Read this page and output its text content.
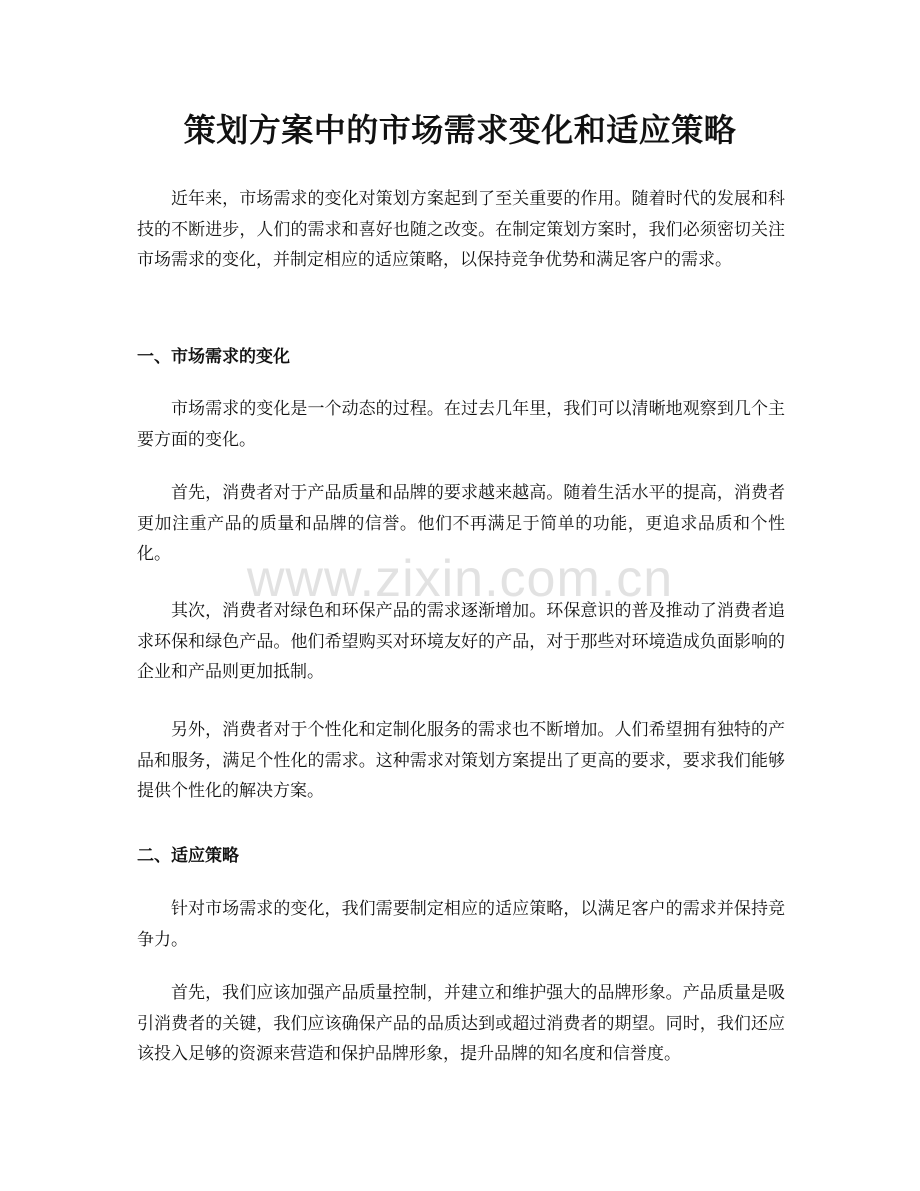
策划方案中的市场需求变化和适应策略

近年来，市场需求的变化对策划方案起到了至关重要的作用。随着时代的发展和科技的不断进步，人们的需求和喜好也随之改变。在制定策划方案时，我们必须密切关注市场需求的变化，并制定相应的适应策略，以保持竞争优势和满足客户的需求。

一、市场需求的变化

市场需求的变化是一个动态的过程。在过去几年里，我们可以清晰地观察到几个主要方面的变化。

首先，消费者对于产品质量和品牌的要求越来越高。随着生活水平的提高，消费者更加注重产品的质量和品牌的信誉。他们不再满足于简单的功能，更追求品质和个性化。

其次，消费者对绿色和环保产品的需求逐渐增加。环保意识的普及推动了消费者追求环保和绿色产品。他们希望购买对环境友好的产品，对于那些对环境造成负面影响的企业和产品则更加抵制。

另外，消费者对于个性化和定制化服务的需求也不断增加。人们希望拥有独特的产品和服务，满足个性化的需求。这种需求对策划方案提出了更高的要求，要求我们能够提供个性化的解决方案。

二、适应策略

针对市场需求的变化，我们需要制定相应的适应策略，以满足客户的需求并保持竞争力。

首先，我们应该加强产品质量控制，并建立和维护强大的品牌形象。产品质量是吸引消费者的关键，我们应该确保产品的品质达到或超过消费者的期望。同时，我们还应该投入足够的资源来营造和保护品牌形象，提升品牌的知名度和信誉度。

www.zixin.com.cn
